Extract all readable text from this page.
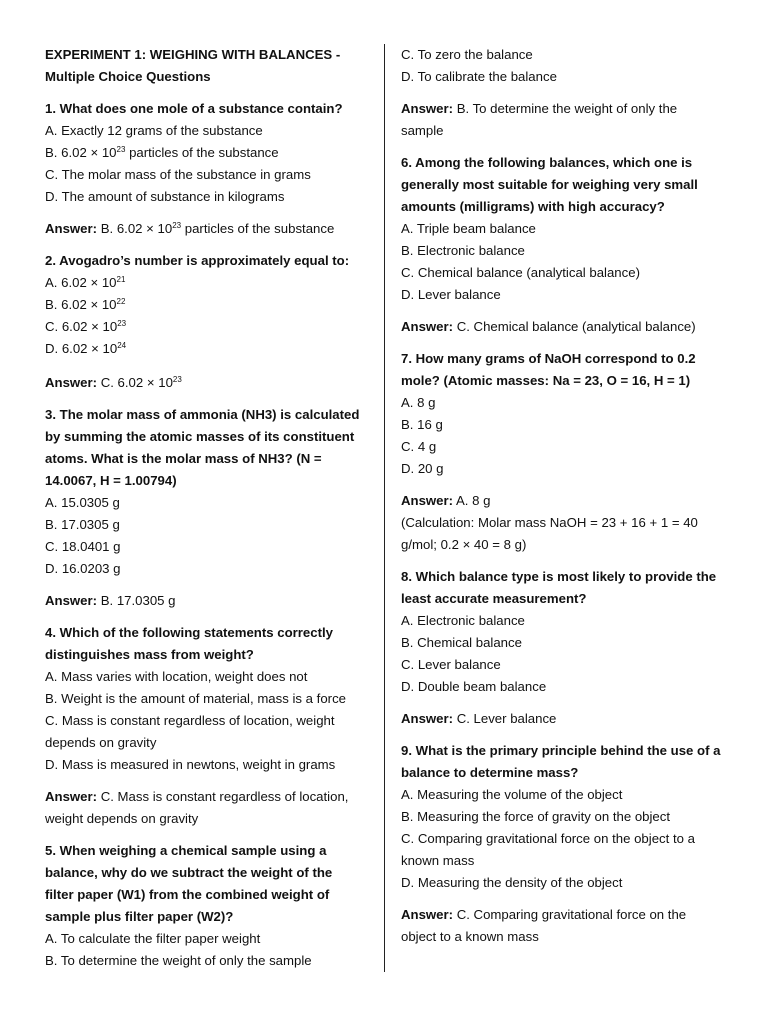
EXPERIMENT 1: WEIGHING WITH BALANCES -
Multiple Choice Questions
1. What does one mole of a substance contain?
A. Exactly 12 grams of the substance
B. $6.02 \times 10^{23}$ particles of the substance
C. The molar mass of the substance in grams
D. The amount of substance in kilograms
Answer: B. $6.02 \times 10^{23}$ particles of the substance
2. Avogadro’s number is approximately equal to:
A. $6.02 \times 10^{21}$
B. $6.02 \times 10^{22}$
C. $6.02 \times 10^{23}$
D. $6.02 \times 10^{24}$
Answer: C. $6.02 \times 10^{23}$
3. The molar mass of ammonia (NH3) is calculated
by summing the atomic masses of its constituent
atoms. What is the molar mass of NH3? (N =
14.0067, H = 1.00794)
A. 15.0305 g
B. 17.0305 g
C. 18.0401 g
D. 16.0203 g
Answer: B. 17.0305 g
4. Which of the following statements correctly
distinguishes mass from weight?
A. Mass varies with location, weight does not
B. Weight is the amount of material, mass is a force
C. Mass is constant regardless of location, weight
depends on gravity
D. Mass is measured in newtons, weight in grams
Answer: C. Mass is constant regardless of location,
weight depends on gravity
5. When weighing a chemical sample using a
balance, why do we subtract the weight of the
filter paper (W1) from the combined weight of
sample plus filter paper (W2)?
A. To calculate the filter paper weight
B. To determine the weight of only the sample
C. To zero the balance
D. To calibrate the balance
Answer: B. To determine the weight of only the
sample
6. Among the following balances, which one is
generally most suitable for weighing very small
amounts (milligrams) with high accuracy?
A. Triple beam balance
B. Electronic balance
C. Chemical balance (analytical balance)
D. Lever balance
Answer: C. Chemical balance (analytical balance)
7. How many grams of NaOH correspond to 0.2
mole? (Atomic masses: Na = 23, O = 16, H = 1)
A. 8 g
B. 16 g
C. 4 g
D. 20 g
Answer: A. 8 g
(Calculation: Molar mass NaOH = 23 + 16 + 1 = 40
g/mol; 0.2 × 40 = 8 g)
8. Which balance type is most likely to provide the
least accurate measurement?
A. Electronic balance
B. Chemical balance
C. Lever balance
D. Double beam balance
Answer: C. Lever balance
9. What is the primary principle behind the use of a
balance to determine mass?
A. Measuring the volume of the object
B. Measuring the force of gravity on the object
C. Comparing gravitational force on the object to a
known mass
D. Measuring the density of the object
Answer: C. Comparing gravitational force on the
object to a known mass
